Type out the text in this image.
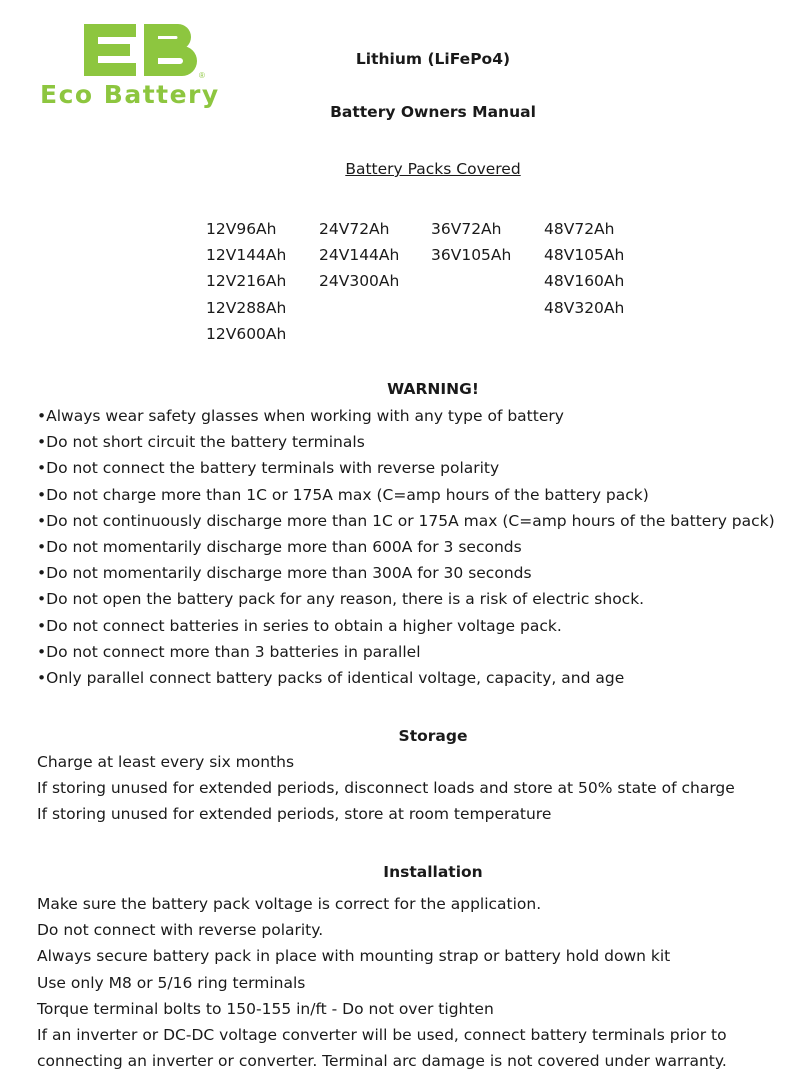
®
Eco Battery
Lithium (LiFePo4)
Battery Owners Manual
Battery Packs Covered
12V96Ah
12V144Ah
12V216Ah
12V288Ah
12V600Ah
24V72Ah
24V144Ah
24V300Ah
36V72Ah
36V105Ah
48V72Ah
48V105Ah
48V160Ah
48V320Ah
WARNING!
•Always wear safety glasses when working with any type of battery
•Do not short circuit the battery terminals
•Do not connect the battery terminals with reverse polarity
•Do not charge more than 1C or 175A max (C=amp hours of the battery pack)
•Do not continuously discharge more than 1C or 175A max (C=amp hours of the battery pack)
•Do not momentarily discharge more than 600A for 3 seconds
•Do not momentarily discharge more than 300A for 30 seconds
•Do not open the battery pack for any reason, there is a risk of electric shock.
•Do not connect batteries in series to obtain a higher voltage pack.
•Do not connect more than 3 batteries in parallel
•Only parallel connect battery packs of identical voltage, capacity, and age
Storage
Charge at least every six months
If storing unused for extended periods, disconnect loads and store at 50% state of charge
If storing unused for extended periods, store at room temperature
Installation
Make sure the battery pack voltage is correct for the application.
Do not connect with reverse polarity.
Always secure battery pack in place with mounting strap or battery hold down kit
Use only M8 or 5/16 ring terminals
Torque terminal bolts to 150-155 in/ft - Do not over tighten
If an inverter or DC-DC voltage converter will be used, connect battery terminals prior to
connecting an inverter or converter. Terminal arc damage is not covered under warranty.
